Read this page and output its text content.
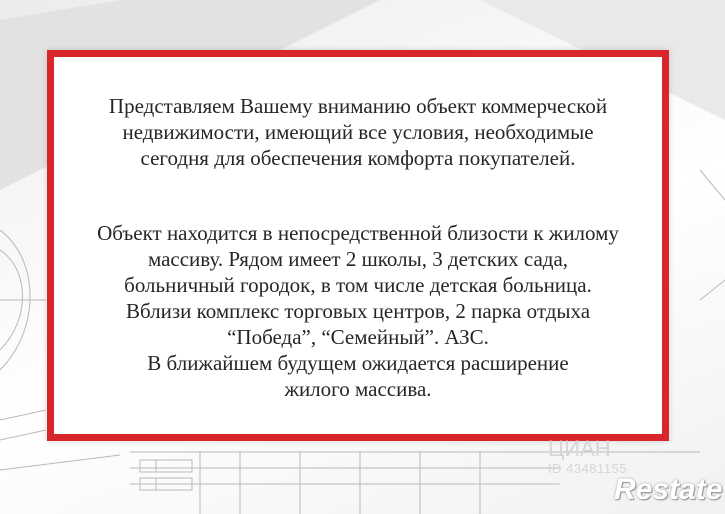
Представляем Вашему вниманию объект коммерческой
недвижимости, имеющий все условия, необходимые
сегодня для обеспечения комфорта покупателей.
Объект находится в непосредственной близости к жилому
массиву. Рядом имеет 2 школы, 3 детских сада,
больничный городок, в том числе детская больница.
Вблизи комплекс торговых центров, 2 парка отдыха
“Победа”, “Семейный”. АЗС.
В ближайшем будущем ожидается расширение
жилого массива.
ЦИАН
ID 43481155
Restate
